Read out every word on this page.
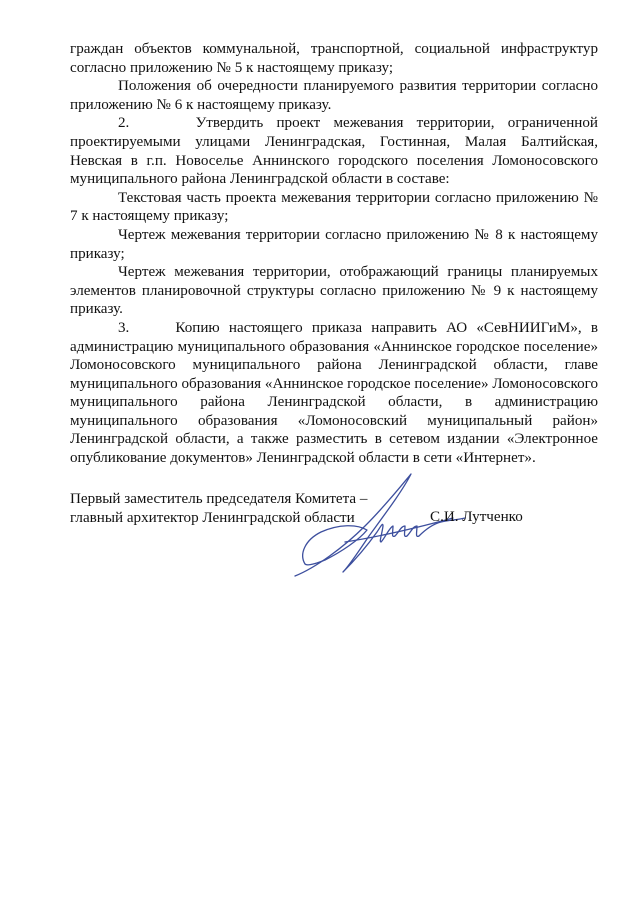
граждан объектов коммунальной, транспортной, социальной инфраструктур согласно приложению № 5 к настоящему приказу;

Положения об очередности планируемого развития территории согласно приложению № 6 к настоящему приказу.

2.     Утвердить проект межевания территории, ограниченной проектируемыми улицами Ленинградская, Гостинная, Малая Балтийская, Невская в г.п. Новоселье Аннинского городского поселения Ломоносовского муниципального района Ленинградской области в составе:

Текстовая часть проекта межевания территории согласно приложению № 7 к настоящему приказу;

Чертеж межевания территории согласно приложению № 8 к настоящему приказу;

Чертеж межевания территории, отображающий границы планируемых элементов планировочной структуры согласно приложению № 9 к настоящему приказу.

3.     Копию настоящего приказа направить АО «СевНИИГиМ», в администрацию муниципального образования «Аннинское городское поселение» Ломоносовского муниципального района Ленинградской области, главе муниципального образования «Аннинское городское поселение» Ломоносовского муниципального района Ленинградской области, в администрацию муниципального образования «Ломоносовский муниципальный район» Ленинградской области, а также разместить в сетевом издании «Электронное опубликование документов» Ленинградской области в сети «Интернет».

Первый заместитель председателя Комитета –

главный архитектор Ленинградской области	С.И. Лутченко
